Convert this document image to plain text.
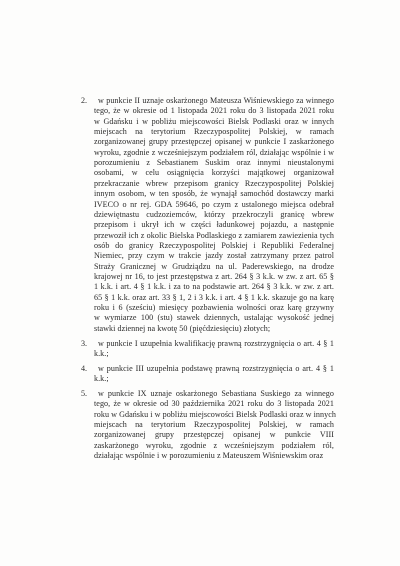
2. w punkcie II uznaje oskarżonego Mateusza Wiśniewskiego za winnego
tego, że w okresie od 1 listopada 2021 roku do 3 listopada 2021 roku
w Gdańsku i w pobliżu miejscowości Bielsk Podlaski oraz w innych
miejscach na terytorium Rzeczypospolitej Polskiej, w ramach
zorganizowanej grupy przestępczej opisanej w punkcie I zaskarżonego
wyroku, zgodnie z wcześniejszym podziałem ról, działając wspólnie i w
porozumieniu z Sebastianem Suskim oraz innymi nieustalonymi
osobami, w celu osiągnięcia korzyści majątkowej organizował
przekraczanie wbrew przepisom granicy Rzeczypospolitej Polskiej
innym osobom, w ten sposób, że wynajął samochód dostawczy marki
IVECO o nr rej. GDA 59646, po czym z ustalonego miejsca odebrał
dziewiętnastu cudzoziemców, którzy przekroczyli granicę wbrew
przepisom i ukrył ich w części ładunkowej pojazdu, a następnie
przewoził ich z okolic Bielska Podlaskiego z zamiarem zawiezienia tych
osób do granicy Rzeczypospolitej Polskiej i Republiki Federalnej
Niemiec, przy czym w trakcie jazdy został zatrzymany przez patrol
Straży Granicznej w Grudziądzu na ul. Paderewskiego, na drodze
krajowej nr 16, to jest przestępstwa z art. 264 § 3 k.k. w zw. z art. 65 §
1 k.k. i art. 4 § 1 k.k. i za to na podstawie art. 264 § 3 k.k. w zw. z art.
65 § 1 k.k. oraz art. 33 § 1, 2 i 3 k.k. i art. 4 § 1 k.k. skazuje go na karę
roku i 6 (sześciu) miesięcy pozbawienia wolności oraz karę grzywny
w wymiarze 100 (stu) stawek dziennych, ustalając wysokość jednej
stawki dziennej na kwotę 50 (pięćdziesięciu) złotych;
3. w punkcie I uzupełnia kwalifikację prawną rozstrzygnięcia o art. 4 § 1
k.k.;
4. w punkcie III uzupełnia podstawę prawną rozstrzygnięcia o art. 4 § 1
k.k.;
5. w punkcie IX uznaje oskarżonego Sebastiana Suskiego za winnego
tego, że w okresie od 30 października 2021 roku do 3 listopada 2021
roku w Gdańsku i w pobliżu miejscowości Bielsk Podlaski oraz w innych
miejscach na terytorium Rzeczypospolitej Polskiej, w ramach
zorganizowanej grupy przestępczej opisanej w punkcie VIII
zaskarżonego wyroku, zgodnie z wcześniejszym podziałem ról,
działając wspólnie i w porozumieniu z Mateuszem Wiśniewskim oraz
